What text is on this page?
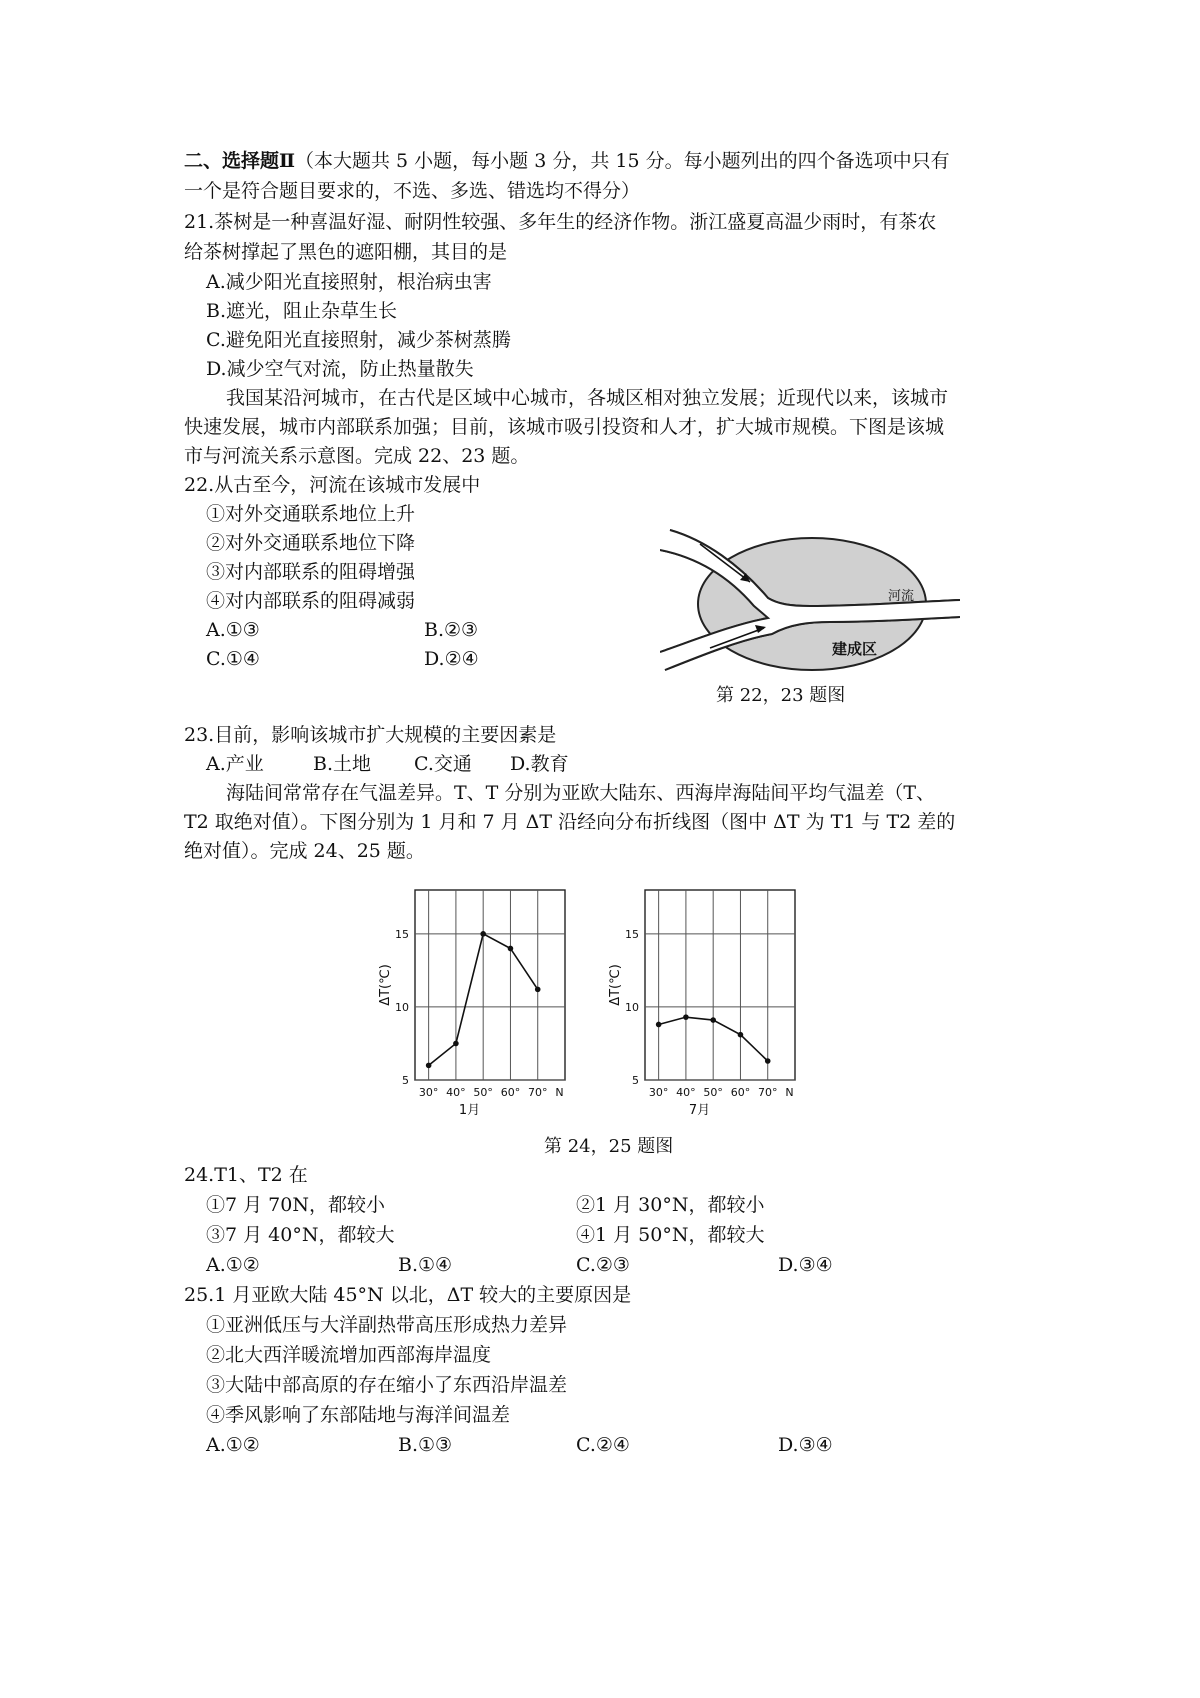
二、选择题Ⅱ（本大题共 5 小题，每小题 3 分，共 15 分。每小题列出的四个备选项中只有
一个是符合题目要求的，不选、多选、错选均不得分）
21.茶树是一种喜温好湿、耐阴性较强、多年生的经济作物。浙江盛夏高温少雨时，有茶农
给茶树撑起了黑色的遮阳棚，其目的是
A.减少阳光直接照射，根治病虫害
B.遮光，阻止杂草生长
C.避免阳光直接照射，减少茶树蒸腾
D.减少空气对流，防止热量散失
我国某沿河城市，在古代是区域中心城市，各城区相对独立发展；近现代以来，该城市
快速发展，城市内部联系加强；目前，该城市吸引投资和人才，扩大城市规模。下图是该城
市与河流关系示意图。完成 22、23 题。
22.从古至今，河流在该城市发展中
①对外交通联系地位上升
②对外交通联系地位下降
③对内部联系的阻碍增强
④对内部联系的阻碍减弱
A.①③	B.②③
C.①④	D.②④
河流
建成区
第 22，23 题图
23.目前，影响该城市扩大规模的主要因素是
A.产业	B.土地 C.交通 D.教育
海陆间常常存在气温差异。T、T 分别为亚欧大陆东、西海岸海陆间平均气温差（T、
T2 取绝对值）。下图分别为 1 月和 7 月 ΔT 沿经向分布折线图（图中 ΔT 为 T1 与 T2 差的
绝对值）。完成 24、25 题。
5
10
15
30° 40° 50° 60° 70° N
ΔT(℃)
1月
5
10
15
30° 40° 50° 60° 70° N
ΔT(℃)
7月
第 24，25 题图
24.T1、T2 在
①7 月 70N，都较小	②1 月 30°N，都较小
③7 月 40°N，都较大	④1 月 50°N，都较大
A.①②	B.①④	C.②③	D.③④
25.1 月亚欧大陆 45°N 以北，ΔT 较大的主要原因是
①亚洲低压与大洋副热带高压形成热力差异
②北大西洋暖流增加西部海岸温度
③大陆中部高原的存在缩小了东西沿岸温差
④季风影响了东部陆地与海洋间温差
A.①②	B.①③	C.②④	D.③④
